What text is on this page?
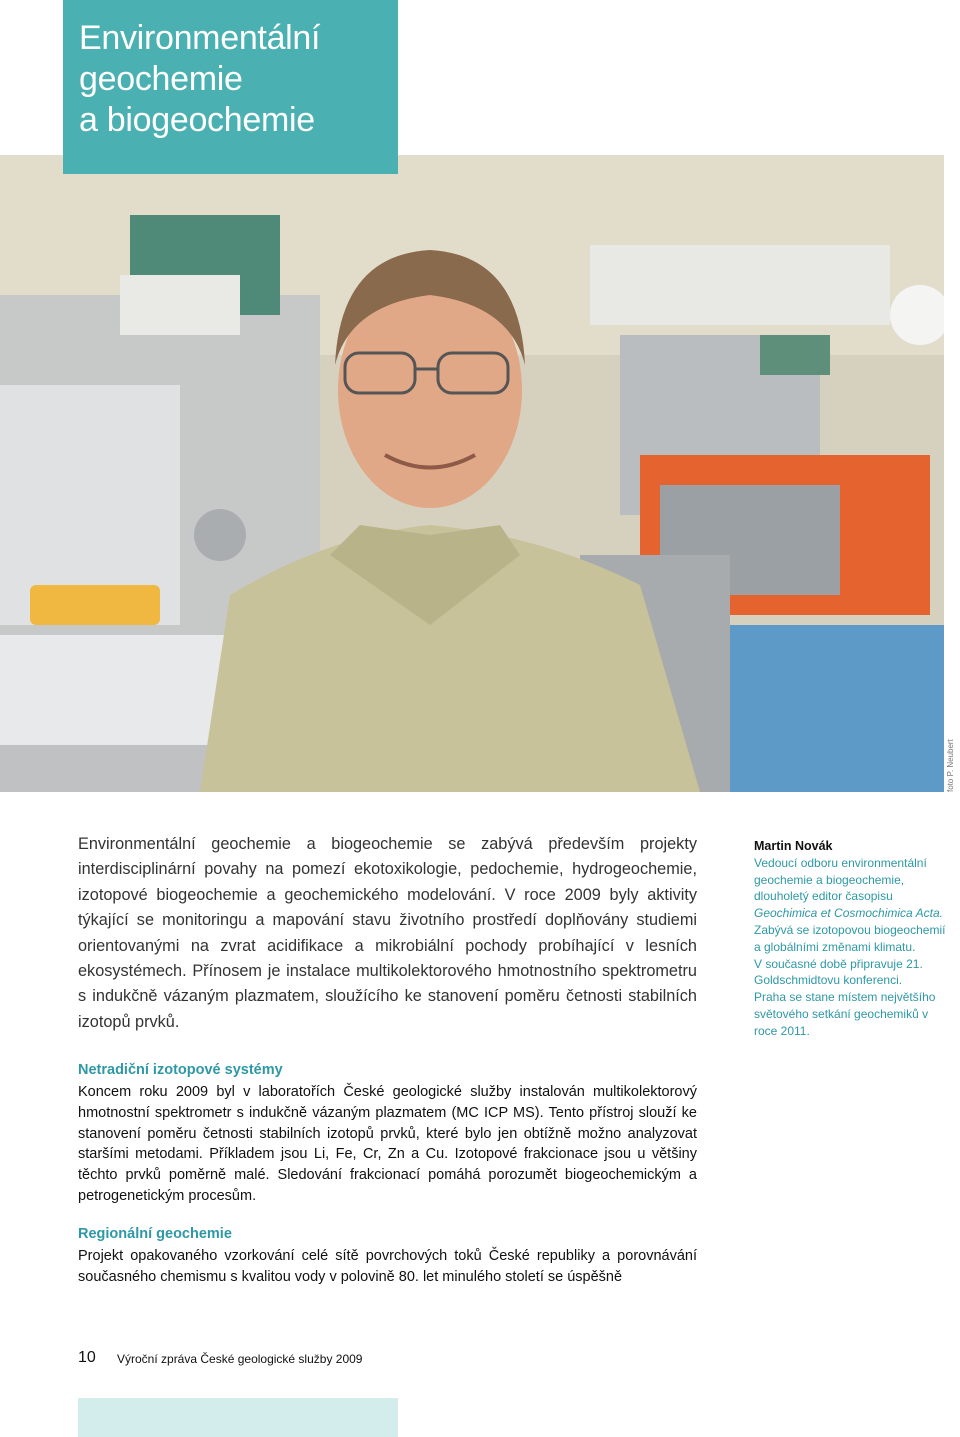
Environmentální
geochemie
a biogeochemie
foto P. Neubert

Environmentální geochemie a biogeochemie se zabývá především projekty interdisciplinární povahy na pomezí ekotoxikologie, pedochemie, hydrogeochemie, izotopové biogeochemie a geochemického modelování. V roce 2009 byly aktivity týkající se monitoringu a mapování stavu životního prostředí doplňovány studiemi orientovanými na zvrat acidifikace a mikrobiální pochody probíhající v lesních ekosystémech. Přínosem je instalace multikolektorového hmotnostního spektrometru s indukčně vázaným plazmatem, sloužícího ke stanovení poměru četnosti stabilních izotopů prvků.

Netradiční izotopové systémy

Koncem roku 2009 byl v laboratořích České geologické služby instalován multikolektorový hmotnostní spektrometr s indukčně vázaným plazmatem (MC ICP MS). Tento přístroj slouží ke stanovení poměru četnosti stabilních izotopů prvků, které bylo jen obtížně možno analyzovat staršími metodami. Příkladem jsou Li, Fe, Cr, Zn a Cu. Izotopové frakcionace jsou u většiny těchto prvků poměrně malé. Sledování frakcionací pomáhá porozumět biogeochemickým a petrogenetickým procesům.

Regionální geochemie

Projekt opakovaného vzorkování celé sítě povrchových toků České republiky a porovnávání současného chemismu s kvalitou vody v polovině 80. let minulého století se úspěšně

Martin Novák
Vedoucí odboru environmentální geochemie a biogeochemie, dlouholetý editor časopisu
Geochimica et Cosmochimica Acta.
Zabývá se izotopovou biogeochemií a globálními změnami klimatu.
V současné době připravuje 21. Goldschmidtovu konferenci.
Praha se stane místem největšího světového setkání geochemiků v roce 2011.
10 Výroční zpráva České geologické služby 2009
